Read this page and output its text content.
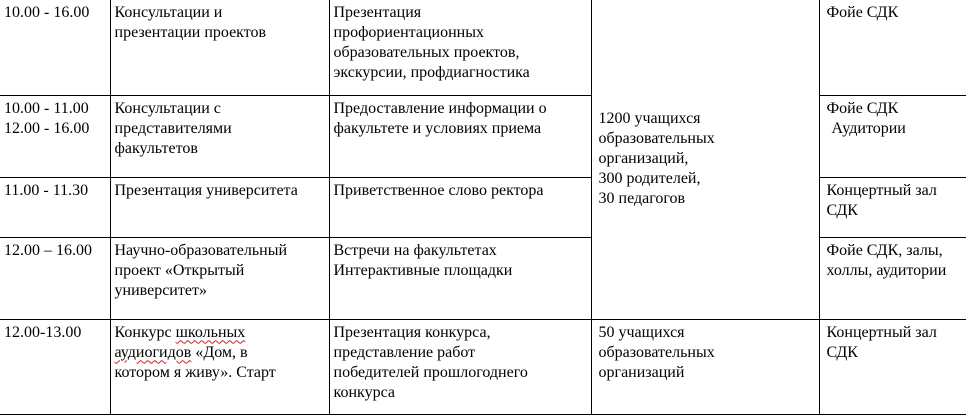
10.00 - 16.00	Консультации и
презентации проектов	Презентация
профориентационных
образовательных проектов,
экскурсии, профдиагностика	1200 учащихся
образовательных
организаций,
300 родителей,
30 педагогов	Фойе СДК

10.00 - 11.00
12.00 - 16.00	Консультации с
представителями
факультетов	Предоставление информации о
факультете и условиях приема		Фойе СДК
Аудитории

11.00 - 11.30	Презентация университета	Приветственное слово ректора		Концертный зал
СДК

12.00 – 16.00	Научно-образовательный
проект «Открытый
университет»	Встречи на факультетах
Интерактивные площадки		Фойе СДК, залы,
холлы, аудитории

12.00-13.00	Конкурс школьных
аудиогидов «Дом, в
котором я живу». Старт	Презентация конкурса,
представление работ
победителей прошлогоднего
конкурса	50 учащихся
образовательных
организаций	Концертный зал
СДК
